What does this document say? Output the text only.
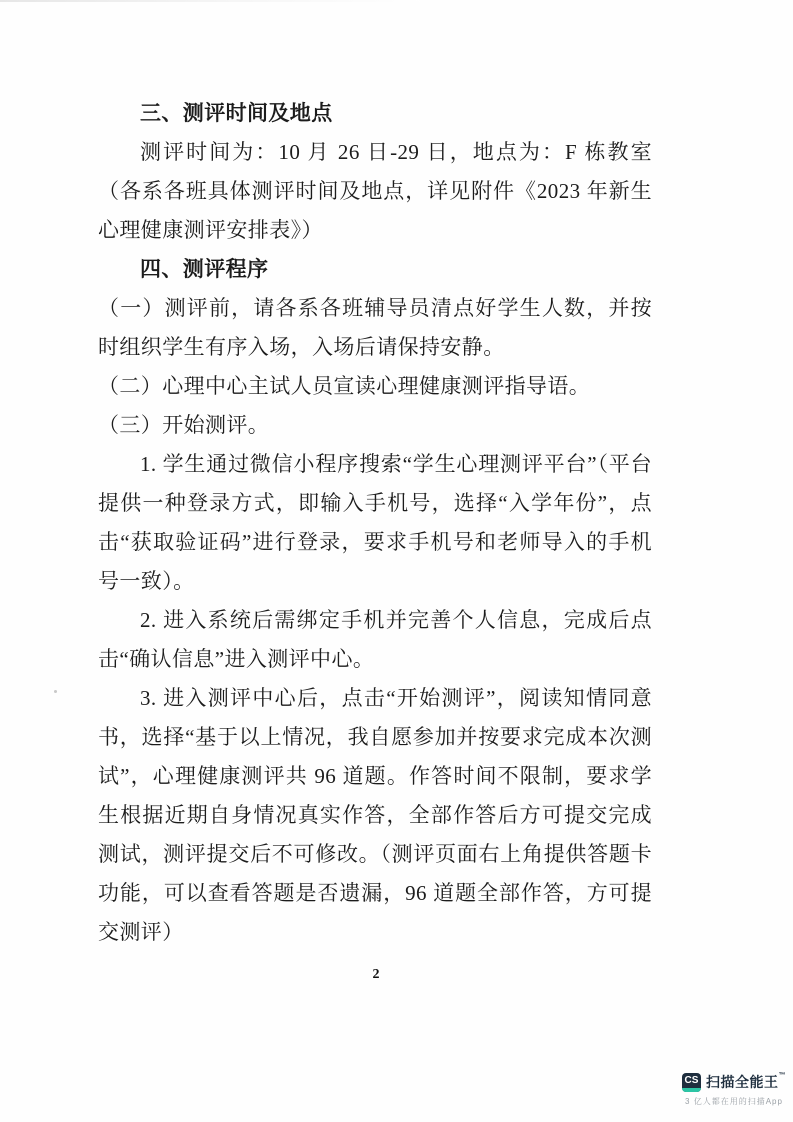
三、测评时间及地点

测评时间为：10 月 26 日-29 日，地点为：F 栋教室（各系各班具体测评时间及地点，详见附件《2023 年新生心理健康测评安排表》）

四、测评程序

（一）测评前，请各系各班辅导员清点好学生人数，并按时组织学生有序入场，入场后请保持安静。

（二）心理中心主试人员宣读心理健康测评指导语。

（三）开始测评。

1. 学生通过微信小程序搜索“学生心理测评平台”（平台提供一种登录方式，即输入手机号，选择“入学年份”，点击“获取验证码”进行登录，要求手机号和老师导入的手机号一致）。

2. 进入系统后需绑定手机并完善个人信息，完成后点击“确认信息”进入测评中心。

3. 进入测评中心后，点击“开始测评”，阅读知情同意书，选择“基于以上情况，我自愿参加并按要求完成本次测试”，心理健康测评共 96 道题。作答时间不限制，要求学生根据近期自身情况真实作答，全部作答后方可提交完成测试，测评提交后不可修改。（测评页面右上角提供答题卡功能，可以查看答题是否遗漏，96 道题全部作答，方可提交测评）

2
CS 扫描全能王™
3 亿人都在用的扫描App
